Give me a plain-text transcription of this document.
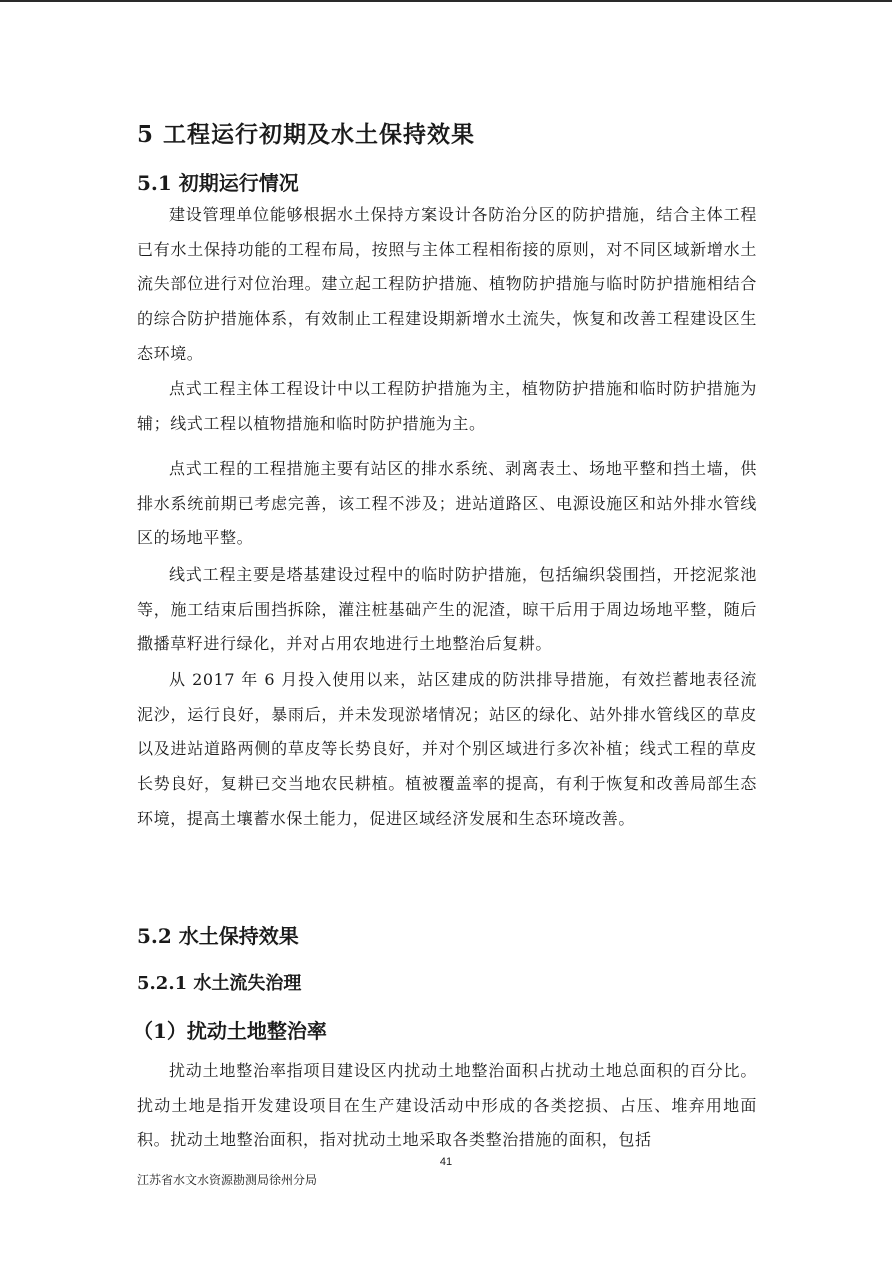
5 工程运行初期及水土保持效果
5.1 初期运行情况
建设管理单位能够根据水土保持方案设计各防治分区的防护措施，结合主体工程已有水土保持功能的工程布局，按照与主体工程相衔接的原则，对不同区域新增水土流失部位进行对位治理。建立起工程防护措施、植物防护措施与临时防护措施相结合的综合防护措施体系，有效制止工程建设期新增水土流失，恢复和改善工程建设区生态环境。
点式工程主体工程设计中以工程防护措施为主，植物防护措施和临时防护措施为辅；线式工程以植物措施和临时防护措施为主。
点式工程的工程措施主要有站区的排水系统、剥离表土、场地平整和挡土墙，供排水系统前期已考虑完善，该工程不涉及；进站道路区、电源设施区和站外排水管线区的场地平整。
线式工程主要是塔基建设过程中的临时防护措施，包括编织袋围挡，开挖泥浆池等，施工结束后围挡拆除，灌注桩基础产生的泥渣，晾干后用于周边场地平整，随后撒播草籽进行绿化，并对占用农地进行土地整治后复耕。
从 2017 年 6 月投入使用以来，站区建成的防洪排导措施，有效拦蓄地表径流泥沙，运行良好，暴雨后，并未发现淤堵情况；站区的绿化、站外排水管线区的草皮以及进站道路两侧的草皮等长势良好，并对个别区域进行多次补植；线式工程的草皮长势良好，复耕已交当地农民耕植。植被覆盖率的提高，有利于恢复和改善局部生态环境，提高土壤蓄水保土能力，促进区域经济发展和生态环境改善。
5.2 水土保持效果
5.2.1 水土流失治理
（1）扰动土地整治率
扰动土地整治率指项目建设区内扰动土地整治面积占扰动土地总面积的百分比。扰动土地是指开发建设项目在生产建设活动中形成的各类挖损、占压、堆弃用地面积。扰动土地整治面积，指对扰动土地采取各类整治措施的面积，包括
41
江苏省水文水资源勘测局徐州分局
